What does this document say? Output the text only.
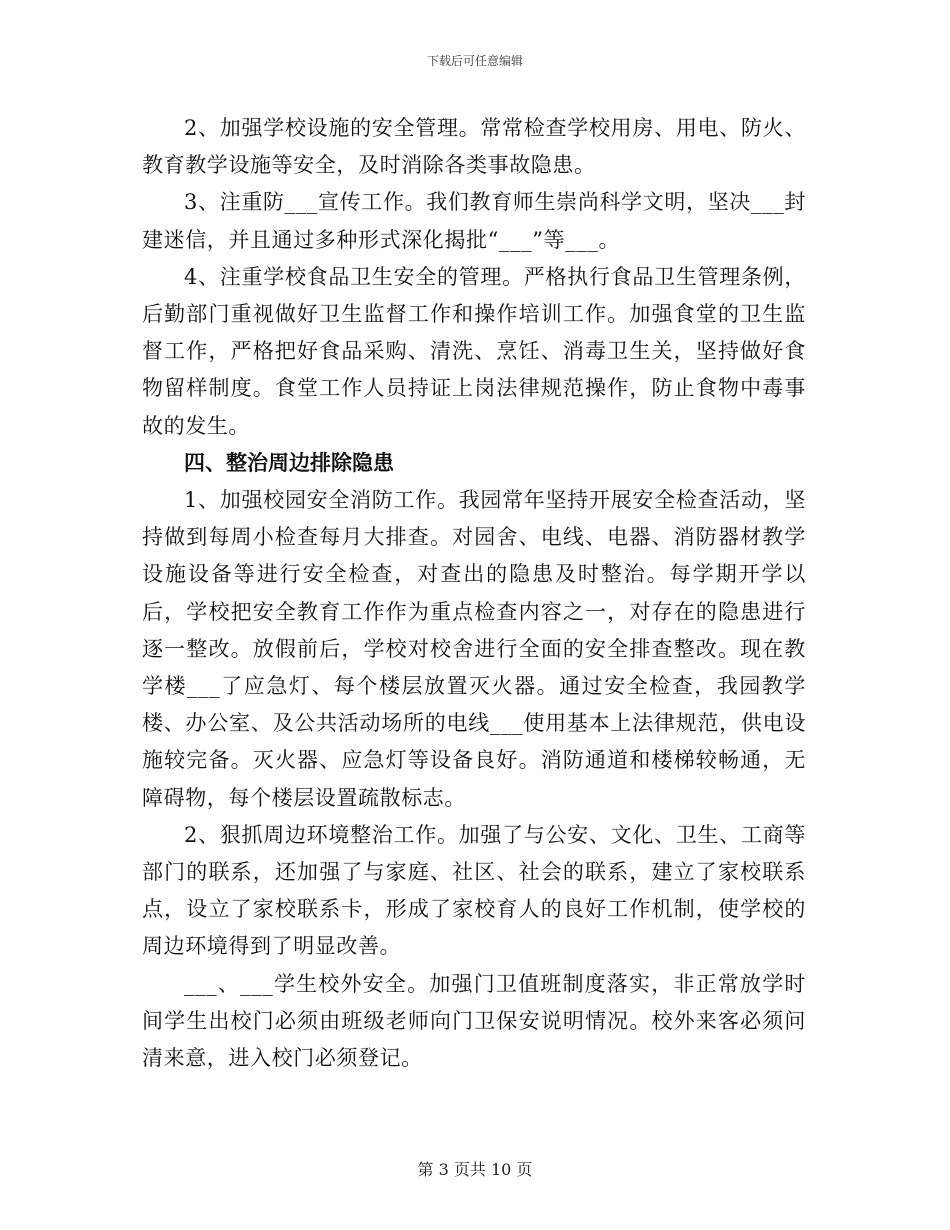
下载后可任意编辑

2、加强学校设施的安全管理。常常检查学校用房、用电、防火、教育教学设施等安全，及时消除各类事故隐患。

3、注重防___宣传工作。我们教育师生崇尚科学文明，坚决___封建迷信，并且通过多种形式深化揭批“___”等___。

4、注重学校食品卫生安全的管理。严格执行食品卫生管理条例，后勤部门重视做好卫生监督工作和操作培训工作。加强食堂的卫生监督工作，严格把好食品采购、清洗、烹饪、消毒卫生关，坚持做好食物留样制度。食堂工作人员持证上岗法律规范操作，防止食物中毒事故的发生。

四、整治周边排除隐患

1、加强校园安全消防工作。我园常年坚持开展安全检查活动，坚持做到每周小检查每月大排查。对园舍、电线、电器、消防器材教学设施设备等进行安全检查，对查出的隐患及时整治。每学期开学以后，学校把安全教育工作作为重点检查内容之一，对存在的隐患进行逐一整改。放假前后，学校对校舍进行全面的安全排查整改。现在教学楼___了应急灯、每个楼层放置灭火器。通过安全检查，我园教学楼、办公室、及公共活动场所的电线___使用基本上法律规范，供电设施较完备。灭火器、应急灯等设备良好。消防通道和楼梯较畅通，无障碍物，每个楼层设置疏散标志。

2、狠抓周边环境整治工作。加强了与公安、文化、卫生、工商等部门的联系，还加强了与家庭、社区、社会的联系，建立了家校联系点，设立了家校联系卡，形成了家校育人的良好工作机制，使学校的周边环境得到了明显改善。

___、___学生校外安全。加强门卫值班制度落实，非正常放学时间学生出校门必须由班级老师向门卫保安说明情况。校外来客必须问清来意，进入校门必须登记。

第 3 页共 10 页
